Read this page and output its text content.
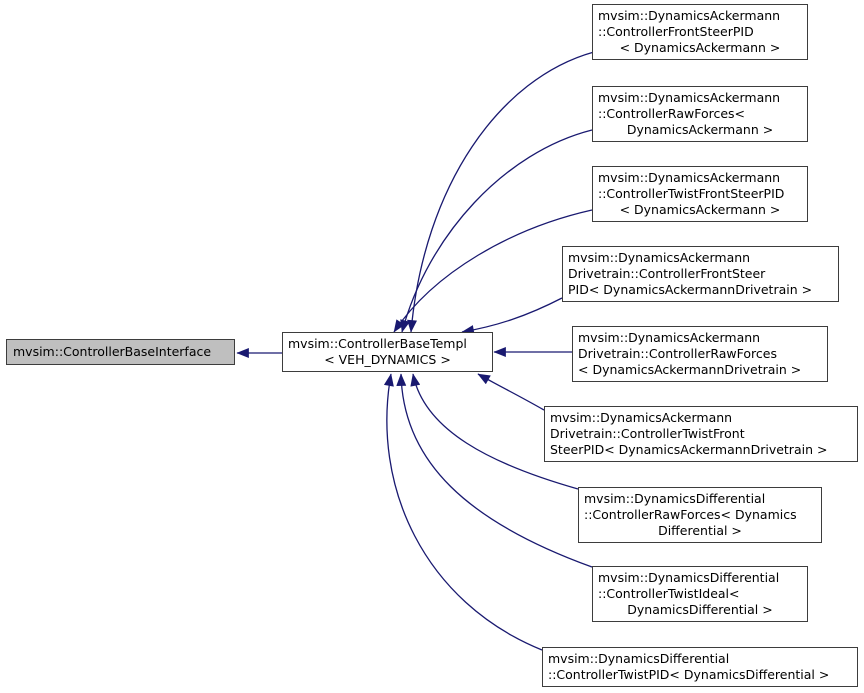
mvsim::ControllerBaseInterface
mvsim::ControllerBaseTempl
< VEH_DYNAMICS >
mvsim::DynamicsAckermann
::ControllerFrontSteerPID
< DynamicsAckermann >
mvsim::DynamicsAckermann
::ControllerRawForces<
DynamicsAckermann >
mvsim::DynamicsAckermann
::ControllerTwistFrontSteerPID
< DynamicsAckermann >
mvsim::DynamicsAckermann
Drivetrain::ControllerFrontSteer
PID< DynamicsAckermannDrivetrain >
mvsim::DynamicsAckermann
Drivetrain::ControllerRawForces
< DynamicsAckermannDrivetrain >
mvsim::DynamicsAckermann
Drivetrain::ControllerTwistFront
SteerPID< DynamicsAckermannDrivetrain >
mvsim::DynamicsDifferential
::ControllerRawForces< Dynamics
Differential >
mvsim::DynamicsDifferential
::ControllerTwistIdeal<
DynamicsDifferential >
mvsim::DynamicsDifferential
::ControllerTwistPID< DynamicsDifferential >
